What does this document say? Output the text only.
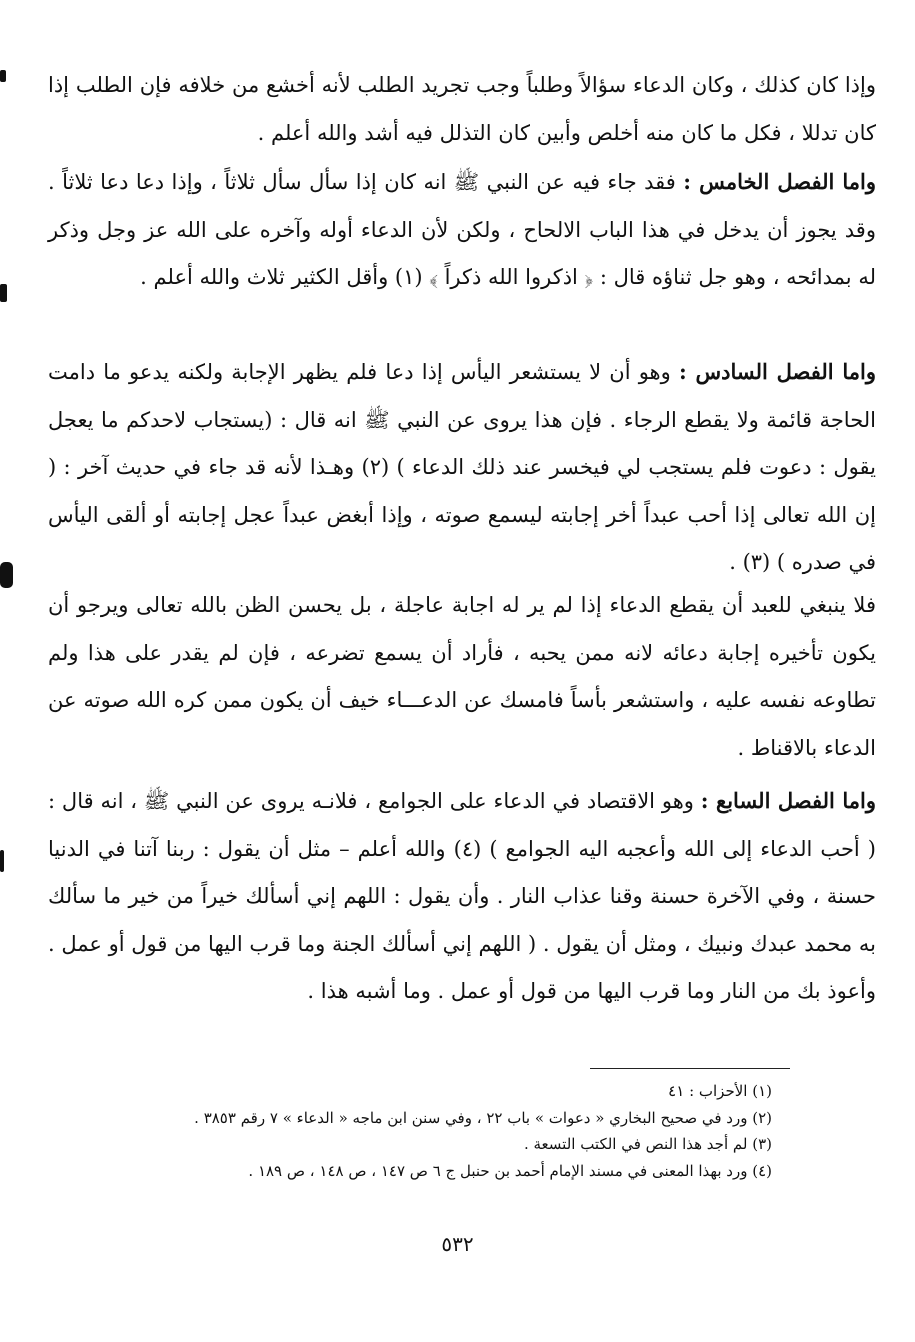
وإذا كان كذلك ، وكان الدعاء سؤالاً وطلباً وجب تجريد الطلب لأنه أخشع من خلافه فإن الطلب إذا كان تدللا ، فكل ما كان منه أخلص وأبين كان التذلل فيه أشد والله أعلم .

واما الفصل الخامس : فقد جاء فيه عن النبي ﷺ انه كان إذا سأل سأل ثلاثاً ، وإذا دعا دعا ثلاثاً . وقد يجوز أن يدخل في هذا الباب الالحاح ، ولكن لأن الدعاء أوله وآخره على الله عز وجل وذكر له بمدائحه ، وهو جل ثناؤه قال : ﴿ اذكروا الله ذكراً ﴾ (١) وأقل الكثير ثلاث والله أعلم .

واما الفصل السادس : وهو أن لا يستشعر اليأس إذا دعا فلم يظهر الإجابة ولكنه يدعو ما دامت الحاجة قائمة ولا يقطع الرجاء . فإن هذا يروى عن النبي ﷺ انه قال : (يستجاب لاحدكم ما يعجل يقول : دعوت فلم يستجب لي فيخسر عند ذلك الدعاء ) (٢) وهـذا لأنه قد جاء في حديث آخر : ( إن الله تعالى إذا أحب عبداً أخر إجابته ليسمع صوته ، وإذا أبغض عبداً عجل إجابته أو ألقى اليأس في صدره ) (٣) .

فلا ينبغي للعبد أن يقطع الدعاء إذا لم ير له اجابة عاجلة ، بل يحسن الظن بالله تعالى ويرجو أن يكون تأخيره إجابة دعائه لانه ممن يحبه ، فأراد أن يسمع تضرعه ، فإن لم يقدر على هذا ولم تطاوعه نفسه عليه ، واستشعر بأساً فامسك عن الدعـــاء خيف أن يكون ممن كره الله صوته عن الدعاء بالاقناط .

واما الفصل السابع : وهو الاقتصاد في الدعاء على الجوامع ، فلانـه يروى عن النبي ﷺ ، انه قال : ( أحب الدعاء إلى الله وأعجبه اليه الجوامع ) (٤) والله أعلم – مثل أن يقول : ربنا آتنا في الدنيا حسنة ، وفي الآخرة حسنة وقنا عذاب النار . وأن يقول : اللهم إني أسألك خيراً من خير ما سألك به محمد عبدك ونبيك ، ومثل أن يقول . ( اللهم إني أسألك الجنة وما قرب اليها من قول أو عمل . وأعوذ بك من النار وما قرب اليها من قول أو عمل . وما أشبه هذا .

(١) الأحزاب : ٤١
(٢) ورد في صحيح البخاري « دعوات » باب ٢٢ ، وفي سنن ابن ماجه « الدعاء » ٧ رقم ٣٨٥٣ .
(٣) لم أجد هذا النص في الكتب التسعة .
(٤) ورد بهذا المعنى في مسند الإمام أحمد بن حنبل ج ٦ ص ١٤٧ ، ص ١٤٨ ، ص ١٨٩ .
٥٣٢
